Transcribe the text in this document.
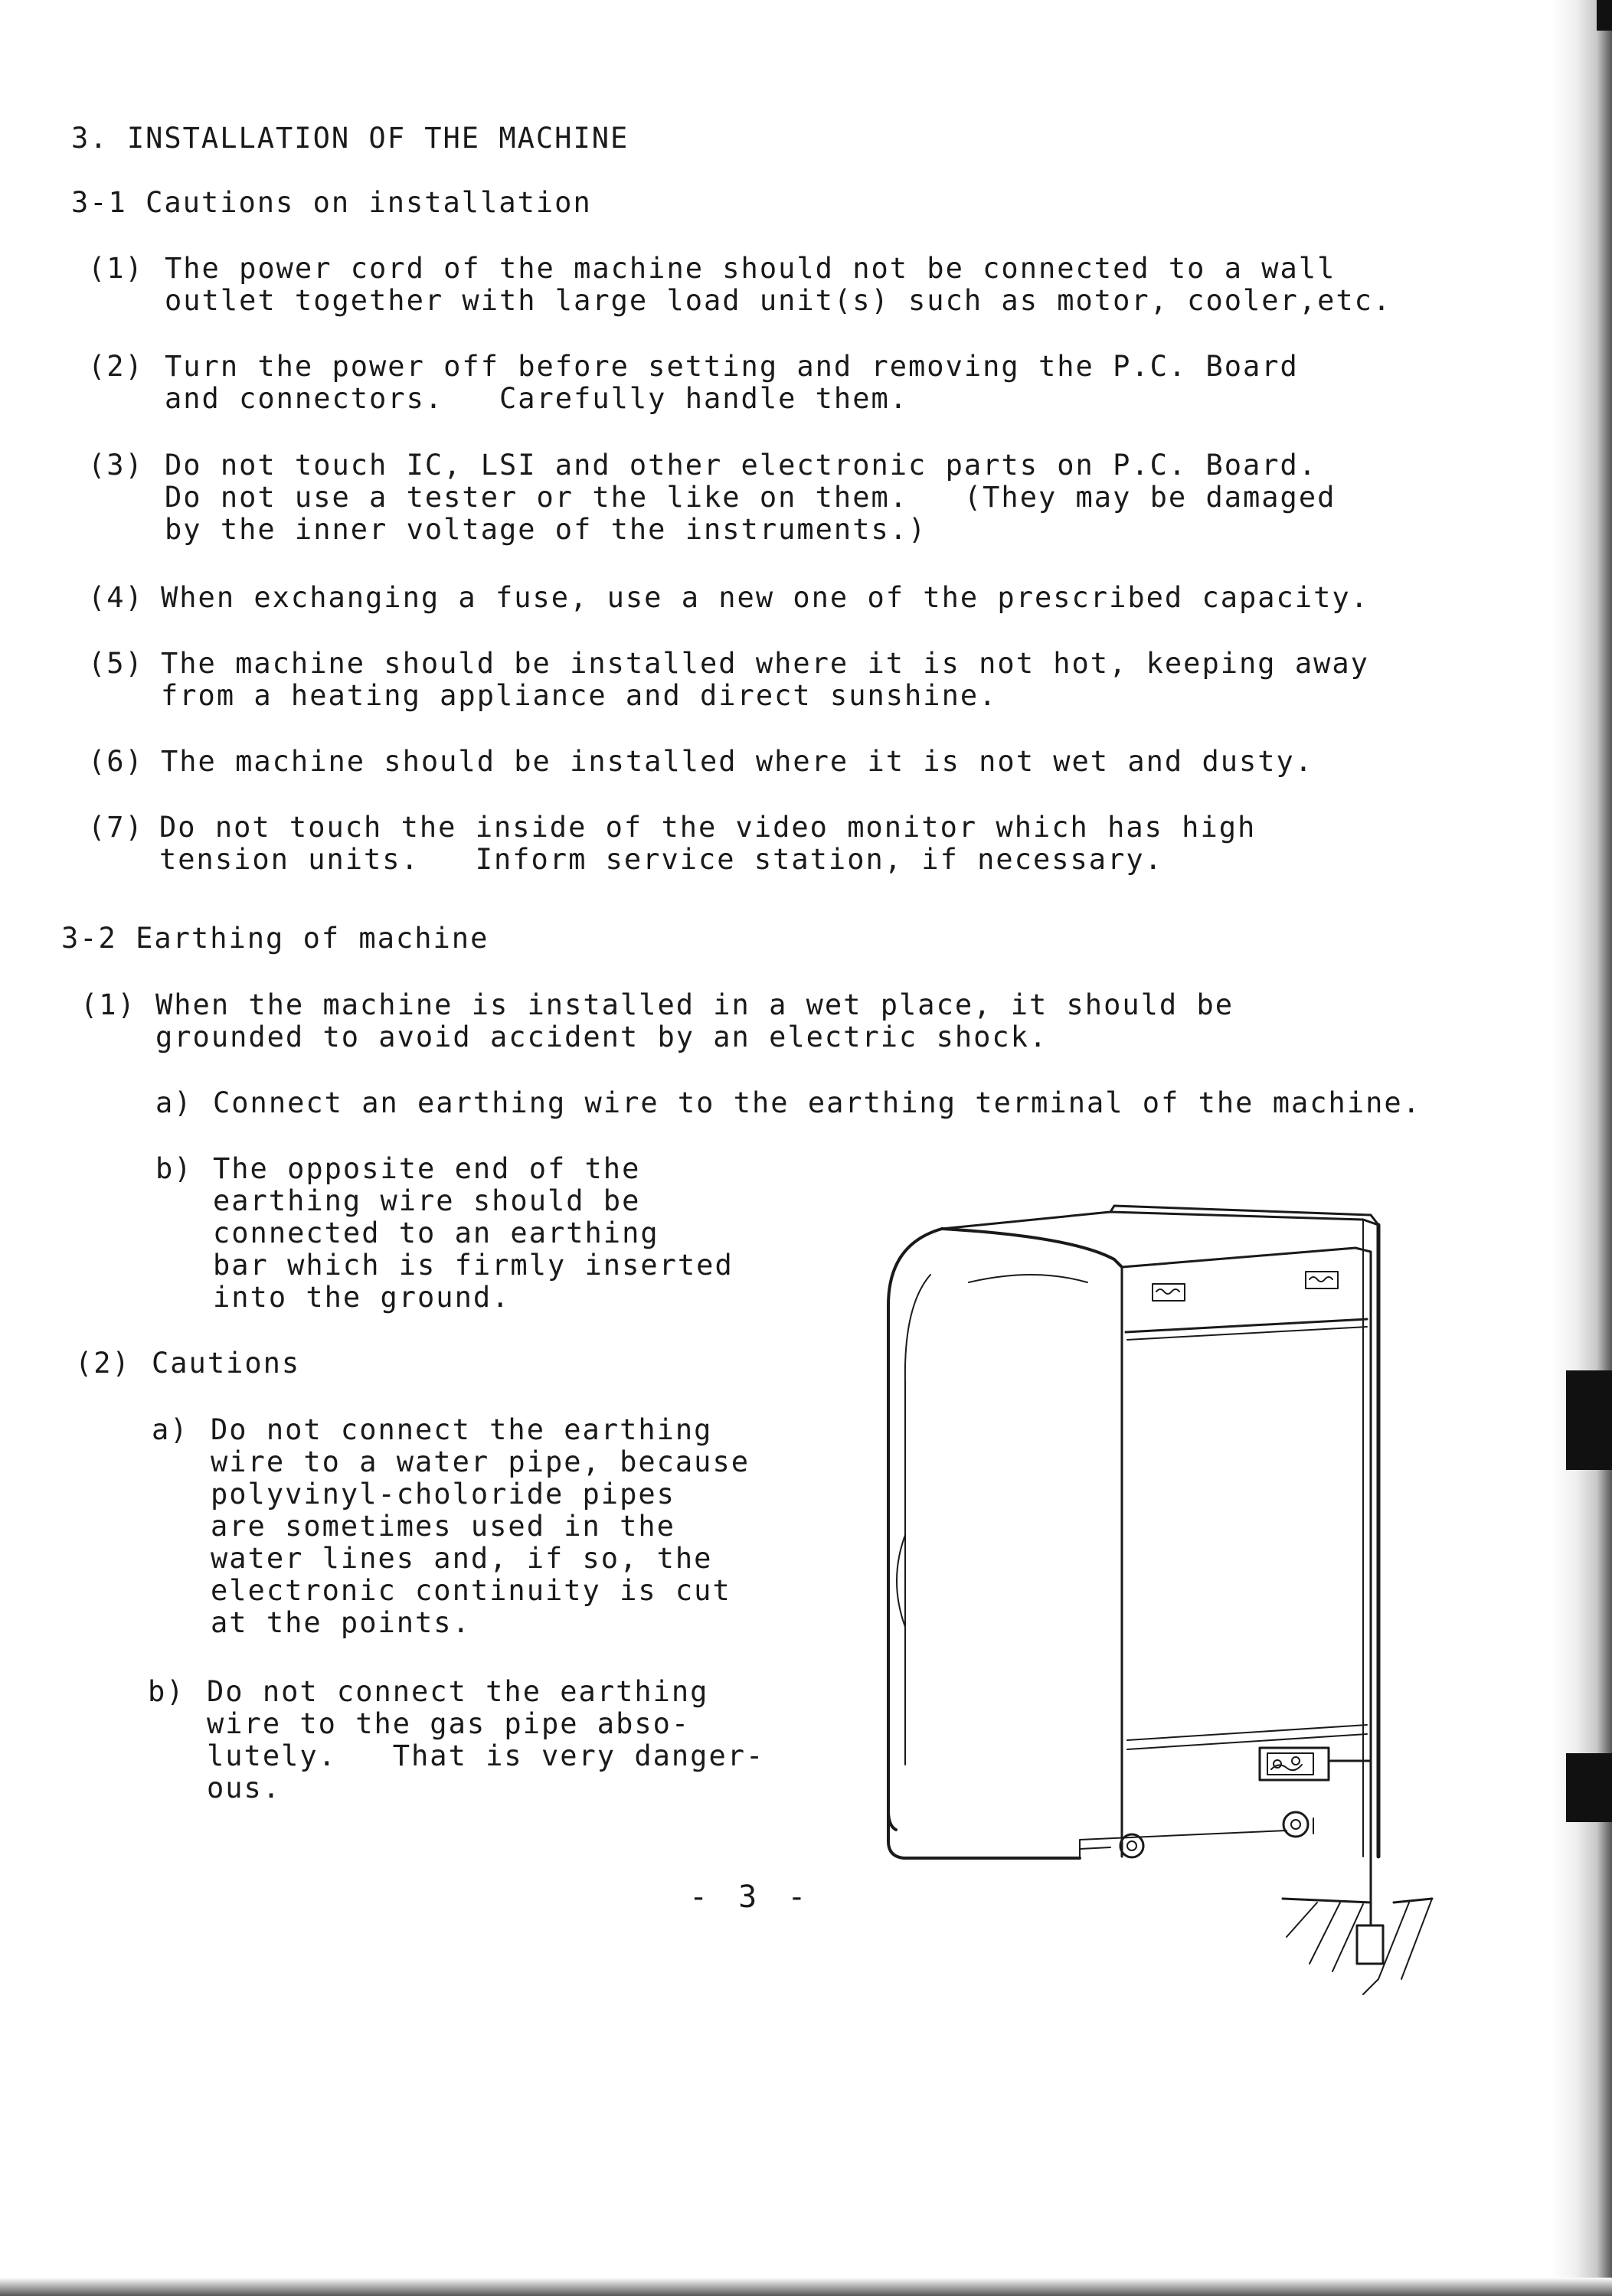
3. INSTALLATION OF THE MACHINE
3-1 Cautions on installation
(1) The power cord of the machine should not be connected to a wall
outlet together with large load unit(s) such as motor, cooler,etc.
(2) Turn the power off before setting and removing the P.C. Board
and connectors.   Carefully handle them.
(3) Do not touch IC, LSI and other electronic parts on P.C. Board.
Do not use a tester or the like on them.   (They may be damaged
by the inner voltage of the instruments.)
(4) When exchanging a fuse, use a new one of the prescribed capacity.
(5) The machine should be installed where it is not hot, keeping away
from a heating appliance and direct sunshine.
(6) The machine should be installed where it is not wet and dusty.
(7) Do not touch the inside of the video monitor which has high
tension units.   Inform service station, if necessary.
3-2 Earthing of machine
(1) When the machine is installed in a wet place, it should be
grounded to avoid accident by an electric shock.
a) Connect an earthing wire to the earthing terminal of the machine.
b) The opposite end of the
earthing wire should be
connected to an earthing
bar which is firmly inserted
into the ground.
(2) Cautions
a) Do not connect the earthing
wire to a water pipe, because
polyvinyl-choloride pipes
are sometimes used in the
water lines and, if so, the
electronic continuity is cut
at the points.
b) Do not connect the earthing
wire to the gas pipe abso-
lutely.   That is very danger-
ous.
- 3 -
